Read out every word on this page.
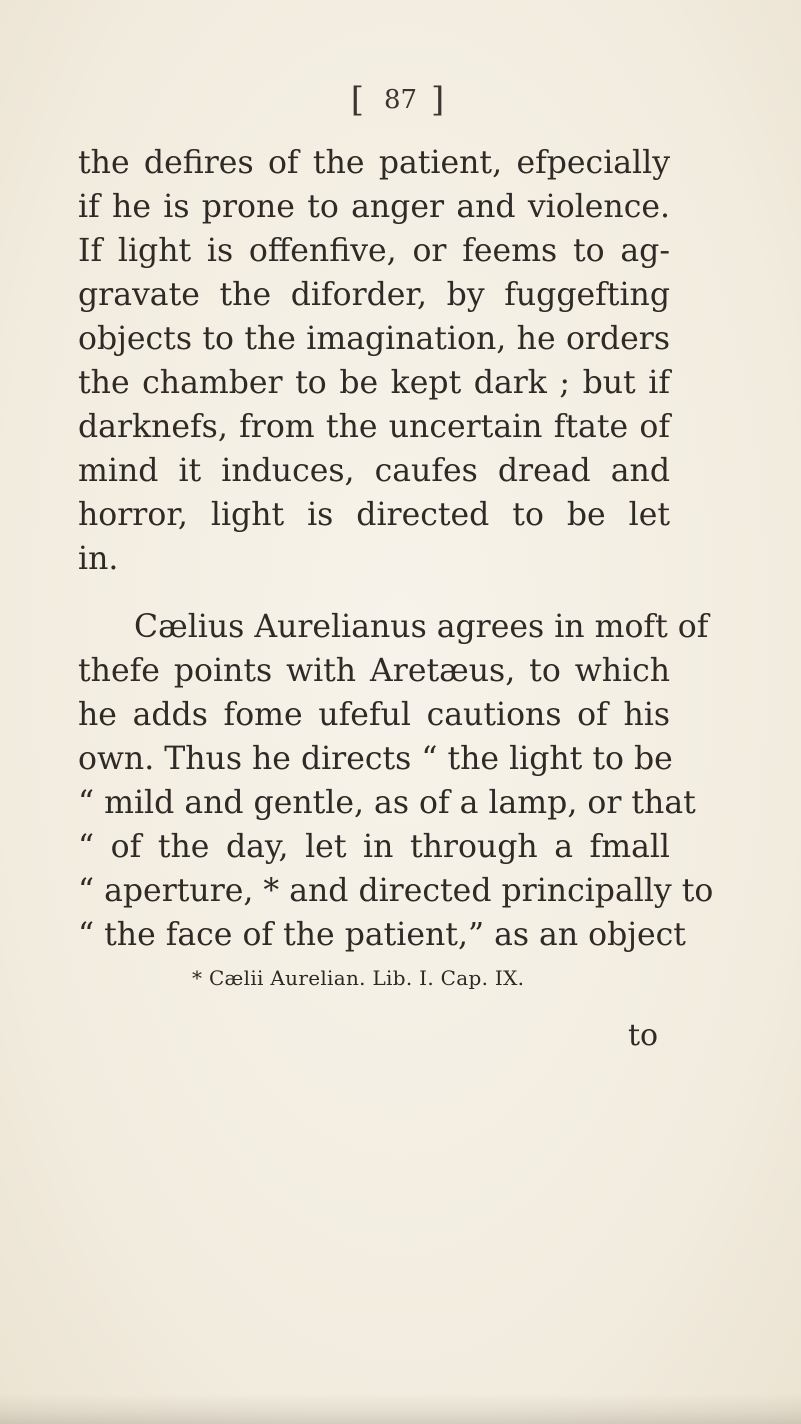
[ 87 ]
the defires of the patient, efpecially
if he is prone to anger and violence.
If light is offenfive, or feems to ag-
gravate the diforder, by fuggefting
objects to the imagination, he orders
the chamber to be kept dark ; but if
darknefs, from the uncertain ftate of
mind it induces, caufes dread and
horror, light is directed to be let
in.
Cælius Aurelianus agrees in moft of
thefe points with Aretæus, to which
he adds fome ufeful cautions of his
own. Thus he directs “ the light to be
“ mild and gentle, as of a lamp, or that
“ of the day, let in through a fmall
“ aperture, * and directed principally to
* Cælii Aurelian. Lib. I. Cap. IX.
to
“ the face of the patient,” as an object
